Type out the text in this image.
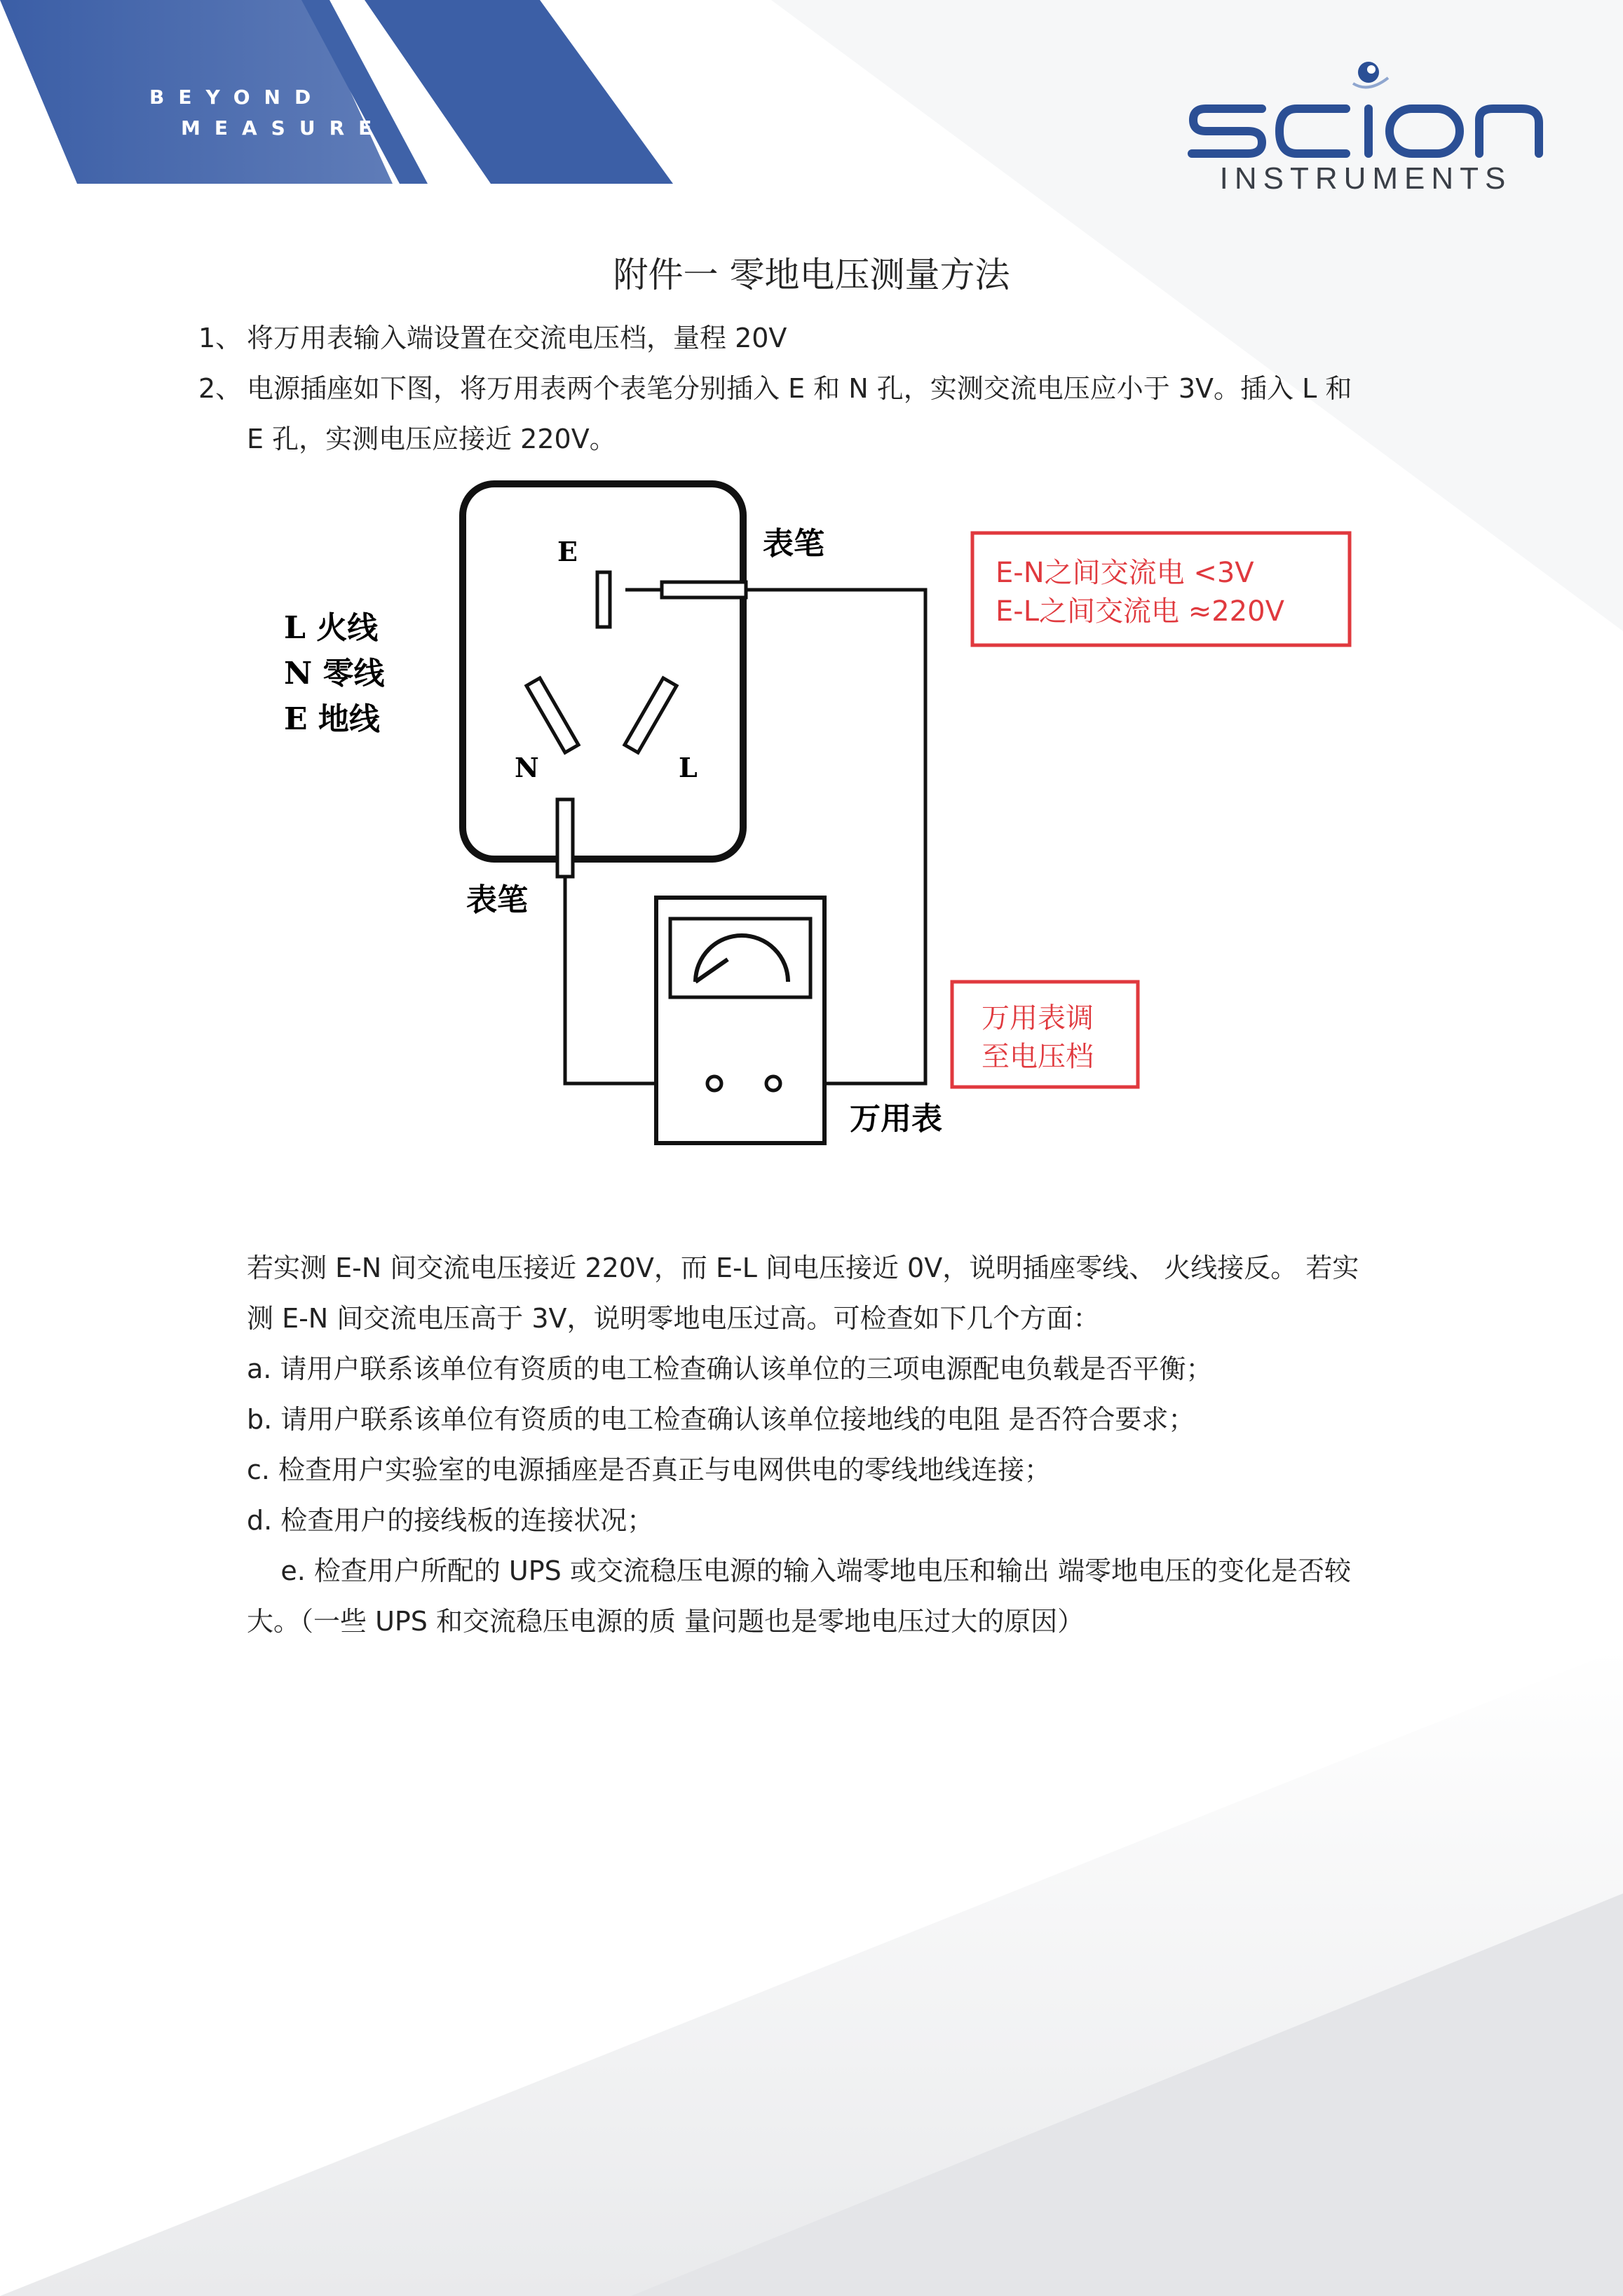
BEYOND
MEASURE
INSTRUMENTS
附件一 零地电压测量方法
1、 将万用表输入端设置在交流电压档，量程 20V
2、 电源插座如下图，将万用表两个表笔分别插入 E 和 N 孔，实测交流电压应小于 3V。插入 L 和
E 孔，实测电压应接近 220V。
L 火线
N 零线
E 地线
E
N	L
表笔
表笔
万用表
E-N之间交流电 <3V
E-L之间交流电 ≈220V
万用表调
至电压档
若实测 E-N 间交流电压接近 220V，而 E-L 间电压接近 0V，说明插座零线、 火线接反。 若实
测 E-N 间交流电压高于 3V，说明零地电压过高。可检查如下几个方面：
a. 请用户联系该单位有资质的电工检查确认该单位的三项电源配电负载是否平衡；
b. 请用户联系该单位有资质的电工检查确认该单位接地线的电阻 是否符合要求；
c. 检查用户实验室的电源插座是否真正与电网供电的零线地线连接；
d. 检查用户的接线板的连接状况；
e. 检查用户所配的 UPS 或交流稳压电源的输入端零地电压和输出 端零地电压的变化是否较
大。（一些 UPS 和交流稳压电源的质 量问题也是零地电压过大的原因）
